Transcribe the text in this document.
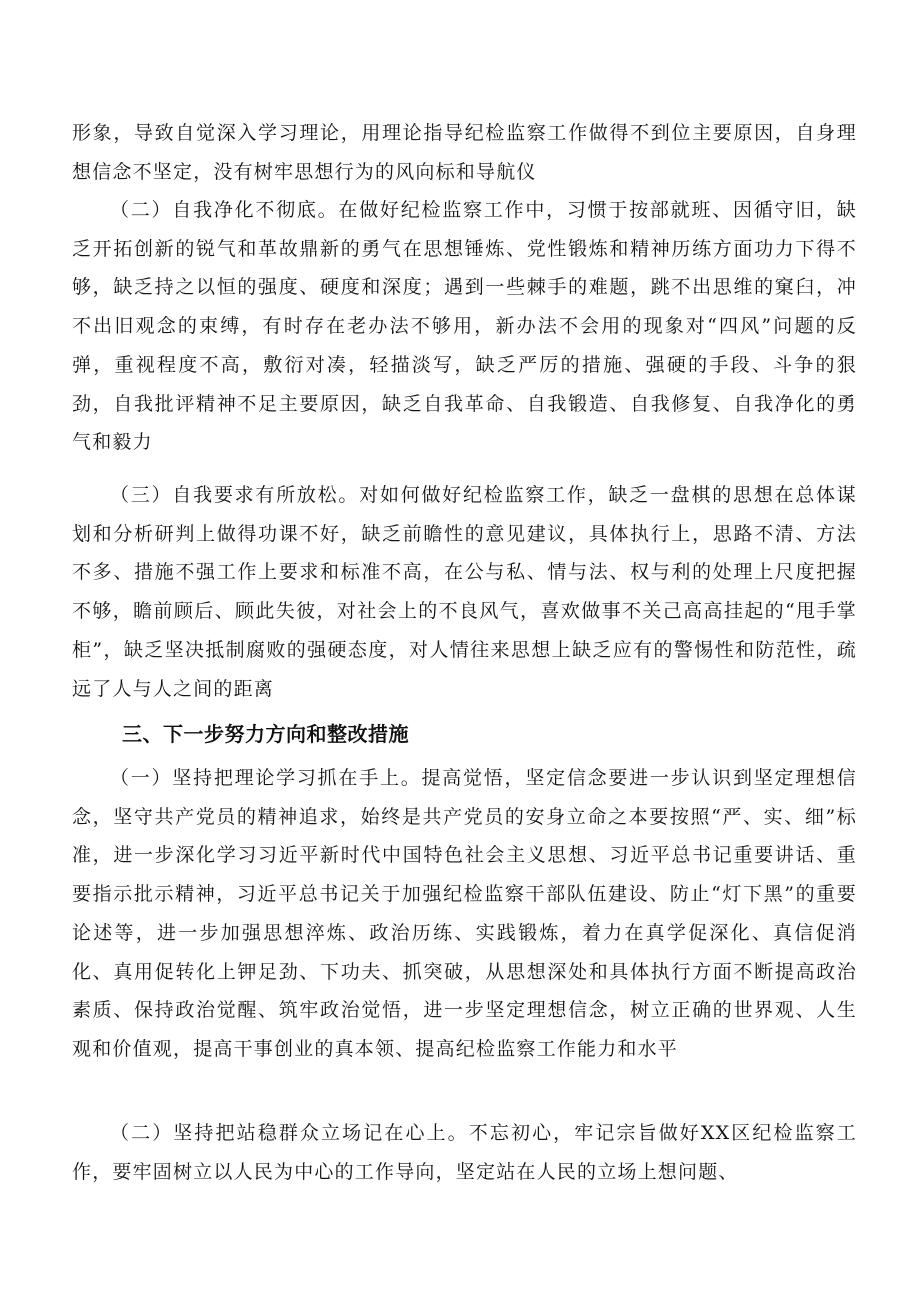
形象，导致自觉深入学习理论，用理论指导纪检监察工作做得不到位主要原因，自身理想信念不坚定，没有树牢思想行为的风向标和导航仪

（二）自我净化不彻底。在做好纪检监察工作中，习惯于按部就班、因循守旧，缺乏开拓创新的锐气和革故鼎新的勇气在思想锤炼、党性锻炼和精神历练方面功力下得不够，缺乏持之以恒的强度、硬度和深度；遇到一些棘手的难题，跳不出思维的窠臼，冲不出旧观念的束缚，有时存在老办法不够用，新办法不会用的现象对“四风”问题的反弹，重视程度不高，敷衍对凑，轻描淡写，缺乏严厉的措施、强硬的手段、斗争的狠劲，自我批评精神不足主要原因，缺乏自我革命、自我锻造、自我修复、自我净化的勇气和毅力

（三）自我要求有所放松。对如何做好纪检监察工作，缺乏一盘棋的思想在总体谋划和分析研判上做得功课不好，缺乏前瞻性的意见建议，具体执行上，思路不清、方法不多、措施不强工作上要求和标准不高，在公与私、情与法、权与利的处理上尺度把握不够，瞻前顾后、顾此失彼，对社会上的不良风气，喜欢做事不关己高高挂起的“甩手掌柜”，缺乏坚决抵制腐败的强硬态度，对人情往来思想上缺乏应有的警惕性和防范性，疏远了人与人之间的距离

三、下一步努力方向和整改措施

（一）坚持把理论学习抓在手上。提高觉悟，坚定信念要进一步认识到坚定理想信念，坚守共产党员的精神追求，始终是共产党员的安身立命之本要按照“严、实、细”标准，进一步深化学习习近平新时代中国特色社会主义思想、习近平总书记重要讲话、重要指示批示精神，习近平总书记关于加强纪检监察干部队伍建设、防止“灯下黑”的重要论述等，进一步加强思想淬炼、政治历练、实践锻炼，着力在真学促深化、真信促消化、真用促转化上钾足劲、下功夫、抓突破，从思想深处和具体执行方面不断提高政治素质、保持政治觉醒、筑牢政治觉悟，进一步坚定理想信念，树立正确的世界观、人生观和价值观，提高干事创业的真本领、提高纪检监察工作能力和水平

（二）坚持把站稳群众立场记在心上。不忘初心，牢记宗旨做好XX区纪检监察工作，要牢固树立以人民为中心的工作导向，坚定站在人民的立场上想问题、
